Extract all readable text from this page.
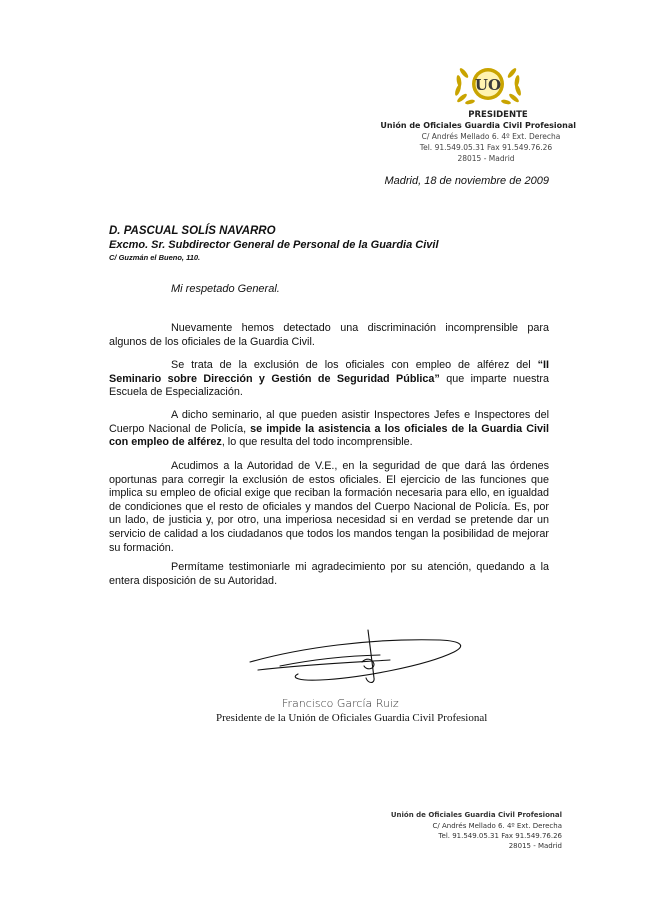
UO
PRESIDENTE
Unión de Oficiales Guardia Civil Profesional
C/ Andrés Mellado 6. 4º Ext. Derecha
Tel. 91.549.05.31 Fax 91.549.76.26
28015 - Madrid
Madrid, 18 de noviembre de 2009
D. PASCUAL SOLÍS NAVARRO
Excmo. Sr. Subdirector General de Personal de la Guardia Civil
C/ Guzmán el Bueno, 110.
Mi respetado General.

Nuevamente hemos detectado una discriminación incomprensible para algunos de los oficiales de la Guardia Civil.

Se trata de la exclusión de los oficiales con empleo de alférez del “II Seminario sobre Dirección y Gestión de Seguridad Pública” que imparte nuestra Escuela de Especialización.

A dicho seminario, al que pueden asistir Inspectores Jefes e Inspectores del Cuerpo Nacional de Policía, se impide la asistencia a los oficiales de la Guardia Civil con empleo de alférez, lo que resulta del todo incomprensible.

Acudimos a la Autoridad de V.E., en la seguridad de que dará las órdenes oportunas para corregir la exclusión de estos oficiales. El ejercicio de las funciones que implica su empleo de oficial exige que reciban la formación necesaria para ello, en igualdad de condiciones que el resto de oficiales y mandos del Cuerpo Nacional de Policía. Es, por un lado, de justicia y, por otro, una imperiosa necesidad si en verdad se pretende dar un servicio de calidad a los ciudadanos que todos los mandos tengan la posibilidad de mejorar su formación.

Permítame testimoniarle mi agradecimiento por su atención, quedando a la entera disposición de su Autoridad.

Francisco García Ruiz
Presidente de la Unión de Oficiales Guardia Civil Profesional
Unión de Oficiales Guardia Civil Profesional
C/ Andrés Mellado 6. 4º Ext. Derecha
Tel. 91.549.05.31 Fax 91.549.76.26
28015 - Madrid
